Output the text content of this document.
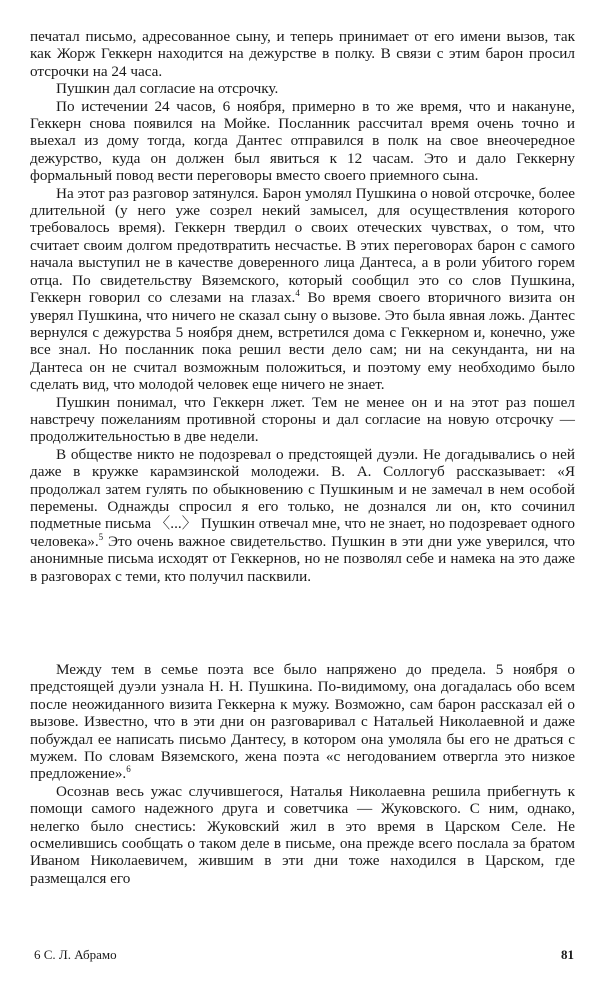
печатал письмо, адресованное сыну, и теперь принимает от его имени вызов, так как Жорж Геккерн находится на дежурстве в полку. В связи с этим барон просил отсрочки на 24 часа.

Пушкин дал согласие на отсрочку.

По истечении 24 часов, 6 ноября, примерно в то же время, что и накануне, Геккерн снова появился на Мойке. Посланник рассчитал время очень точно и выехал из дому тогда, когда Дантес отправился в полк на свое внеочередное дежурство, куда он должен был явиться к 12 часам. Это и дало Геккерну формальный повод вести переговоры вместо своего приемного сына.

На этот раз разговор затянулся. Барон умолял Пушкина о новой отсрочке, более длительной (у него уже созрел некий замысел, для осуществления которого требовалось время). Геккерн твердил о своих отеческих чувствах, о том, что считает своим долгом предотвратить несчастье. В этих переговорах барон с самого начала выступил не в качестве доверенного лица Дантеса, а в роли убитого горем отца. По свидетельству Вяземского, который сообщил это со слов Пушкина, Геккерн говорил со слезами на глазах.$^4$ Во время своего вторичного визита он уверял Пушкина, что ничего не сказал сыну о вызове. Это была явная ложь. Дантес вернулся с дежурства 5 ноября днем, встретился дома с Геккерном и, конечно, уже все знал. Но посланник пока решил вести дело сам; ни на секунданта, ни на Дантеса он не считал возможным положиться, и поэтому ему необходимо было сделать вид, что молодой человек еще ничего не знает.

Пушкин понимал, что Геккерн лжет. Тем не менее он и на этот раз пошел навстречу пожеланиям противной стороны и дал согласие на новую отсрочку — продолжительностью в две недели.

В обществе никто не подозревал о предстоящей дуэли. Не догадывались о ней даже в кружке карамзинской молодежи. В. А. Соллогуб рассказывает: «Я продолжал затем гулять по обыкновению с Пушкиным и не замечал в нем особой перемены. Однажды спросил я его только, не дознался ли он, кто сочинил подметные письма 〈...〉 Пушкин отвечал мне, что не знает, но подозревает одного человека».$^5$ Это очень важное свидетельство. Пушкин в эти дни уже уверился, что анонимные письма исходят от Геккернов, но не позволял себе и намека на это даже в разговорах с теми, кто получил пасквили.

Между тем в семье поэта все было напряжено до предела. 5 ноября о предстоящей дуэли узнала Н. Н. Пушкина. По-видимому, она догадалась обо всем после неожиданного визита Геккерна к мужу. Возможно, сам барон рассказал ей о вызове. Известно, что в эти дни он разговаривал с Натальей Николаевной и даже побуждал ее написать письмо Дантесу, в котором она умоляла бы его не драться с мужем. По словам Вяземского, жена поэта «с негодованием отвергла это низкое предложение».$^6$

Осознав весь ужас случившегося, Наталья Николаевна решила прибегнуть к помощи самого надежного друга и советчика — Жуковского. С ним, однако, нелегко было снестись: Жуковский жил в это время в Царском Селе. Не осмелившись сообщать о таком деле в письме, она прежде всего послала за братом Иваном Николаевичем, жившим в эти дни тоже находился в Царском, где размещался его

6 С. Л. Абрамо	81
